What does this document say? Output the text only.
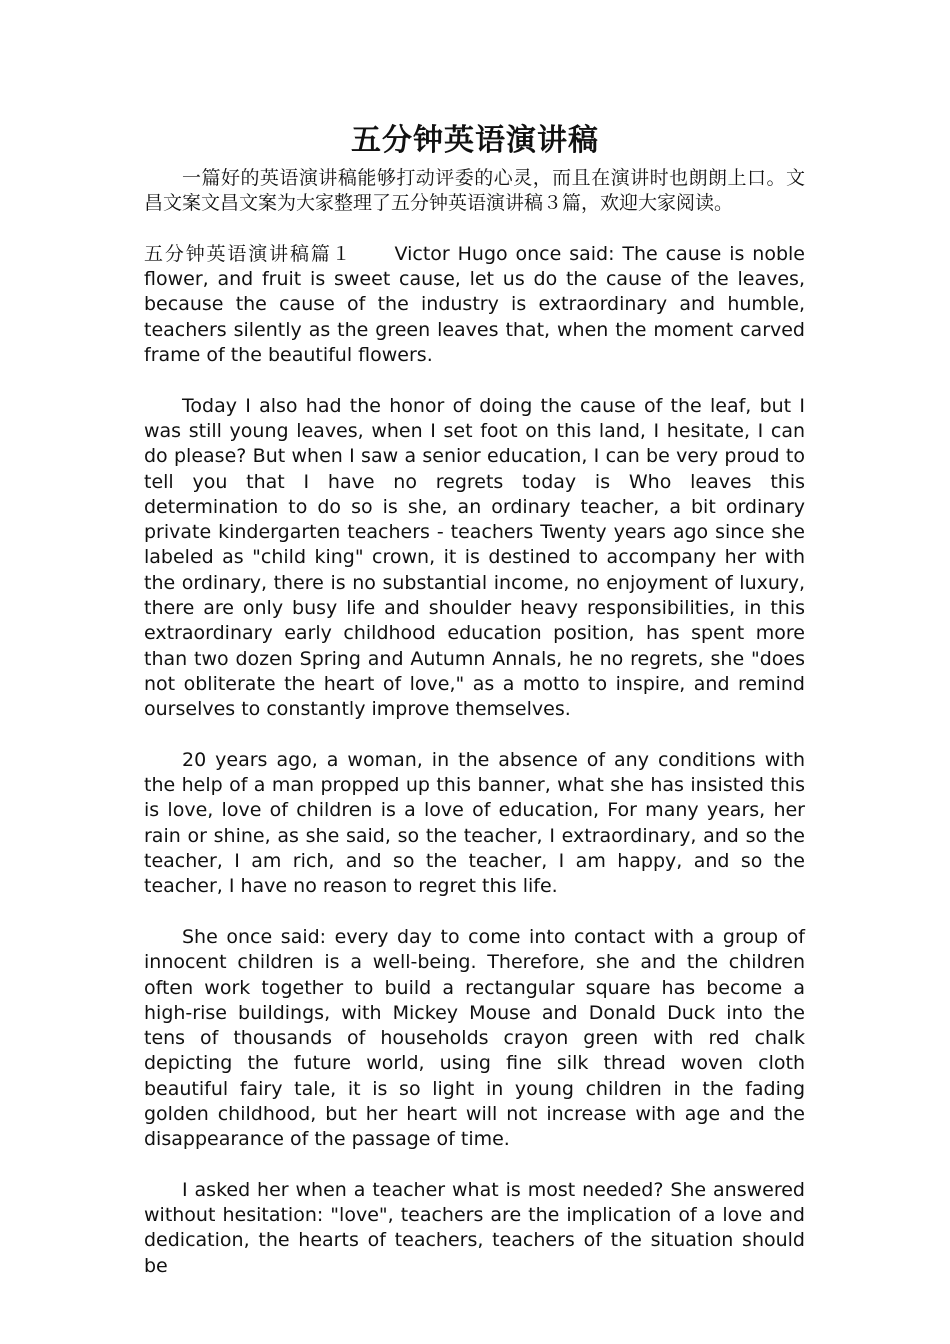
五分钟英语演讲稿

一篇好的英语演讲稿能够打动评委的心灵，而且在演讲时也朗朗上口。文昌文案文昌文案为大家整理了五分钟英语演讲稿３篇，欢迎大家阅读。

五分钟英语演讲稿篇１ Victor Hugo once said: The cause is noble flower, and fruit is sweet cause, let us do the cause of the leaves, because the cause of the industry is extraordinary and humble, teachers silently as the green leaves that, when the moment carved frame of the beautiful flowers.

Today I also had the honor of doing the cause of the leaf, but I was still young leaves, when I set foot on this land, I hesitate, I can do please? But when I saw a senior education, I can be very proud to tell you that I have no regrets today is Who leaves this determination to do so is she, an ordinary teacher, a bit ordinary private kindergarten teachers - teachers Twenty years ago since she labeled as "child king" crown, it is destined to accompany her with the ordinary, there is no substantial income, no enjoyment of luxury, there are only busy life and shoulder heavy responsibilities, in this extraordinary early childhood education position, has spent more than two dozen Spring and Autumn Annals, he no regrets, she "does not obliterate the heart of love," as a motto to inspire, and remind ourselves to constantly improve themselves.

20 years ago, a woman, in the absence of any conditions with the help of a man propped up this banner, what she has insisted this is love, love of children is a love of education, For many years, her rain or shine, as she said, so the teacher, I extraordinary, and so the teacher, I am rich, and so the teacher, I am happy, and so the teacher, I have no reason to regret this life.

She once said: every day to come into contact with a group of innocent children is a well-being. Therefore, she and the children often work together to build a rectangular square has become a high-rise buildings, with Mickey Mouse and Donald Duck into the tens of thousands of households crayon green with red chalk depicting the future world, using fine silk thread woven cloth beautiful fairy tale, it is so light in young children in the fading golden childhood, but her heart will not increase with age and the disappearance of the passage of time.

I asked her when a teacher what is most needed? She answered without hesitation: "love", teachers are the implication of a love and dedication, the hearts of teachers, teachers of the situation should be
